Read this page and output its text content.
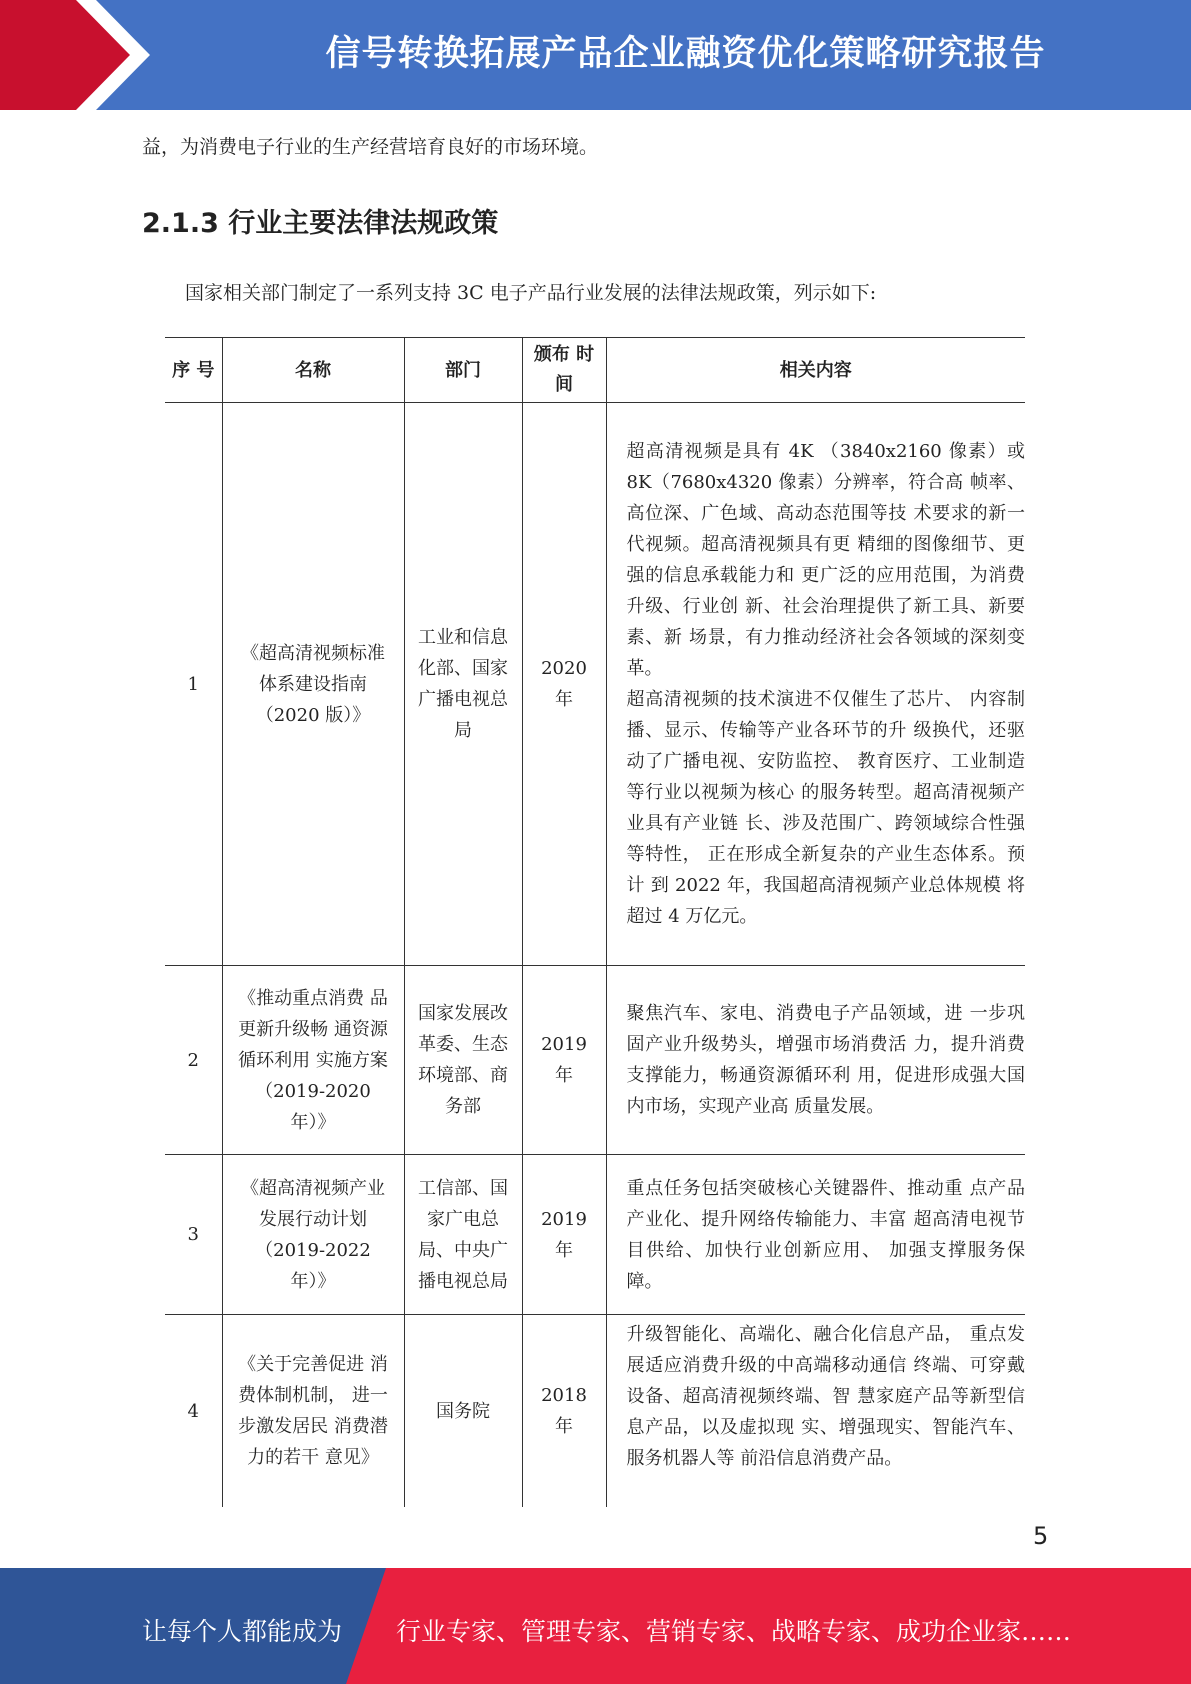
信号转换拓展产品企业融资优化策略研究报告
益，为消费电子行业的生产经营培育良好的市场环境。
2.1.3 行业主要法律法规政策
国家相关部门制定了一系列支持 3C 电子产品行业发展的法律法规政策，列示如下:
序 号	名称	部门	颁布 时间	相关内容
1	《超高清视频标准体系建设指南（2020 版）》	工业和信息化部、国家广播电视总局	2020 年	超高清视频是具有 4K （3840x2160 像素）或 8K（7680x4320 像素）分辨率，符合高 帧率、高位深、广色域、高动态范围等技 术要求的新一代视频。超高清视频具有更 精细的图像细节、更强的信息承载能力和 更广泛的应用范围，为消费升级、行业创 新、社会治理提供了新工具、新要素、新 场景，有力推动经济社会各领域的深刻变 革。
超高清视频的技术演进不仅催生了芯片、 内容制播、显示、传输等产业各环节的升 级换代，还驱动了广播电视、安防监控、 教育医疗、工业制造等行业以视频为核心 的服务转型。超高清视频产业具有产业链 长、涉及范围广、跨领域综合性强等特性， 正在形成全新复杂的产业生态体系。预计 到 2022 年，我国超高清视频产业总体规模 将超过 4 万亿元。

2	《推动重点消费 品更新升级畅 通资源循环利用 实施方案（2019-2020 年）》	国家发展改革委、生态环境部、商务部	2019 年	聚焦汽车、家电、消费电子产品领域，进 一步巩固产业升级势头，增强市场消费活 力，提升消费支撑能力，畅通资源循环利 用，促进形成强大国内市场，实现产业高 质量发展。
3	《超高清视频产业发展行动计划（2019-2022 年）》	工信部、国家广电总局、中央广播电视总局	2019 年	重点任务包括突破核心关键器件、推动重 点产品产业化、提升网络传输能力、丰富 超高清电视节目供给、加快行业创新应用、 加强支撑服务保障。
4	《关于完善促进 消费体制机制， 进一步激发居民 消费潜力的若干 意见》	国务院	2018 年	升级智能化、高端化、融合化信息产品， 重点发展适应消费升级的中高端移动通信 终端、可穿戴设备、超高清视频终端、智 慧家庭产品等新型信息产品，以及虚拟现 实、增强现实、智能汽车、服务机器人等 前沿信息消费产品。
5
让每个人都能成为 行业专家、管理专家、营销专家、战略专家、成功企业家……
